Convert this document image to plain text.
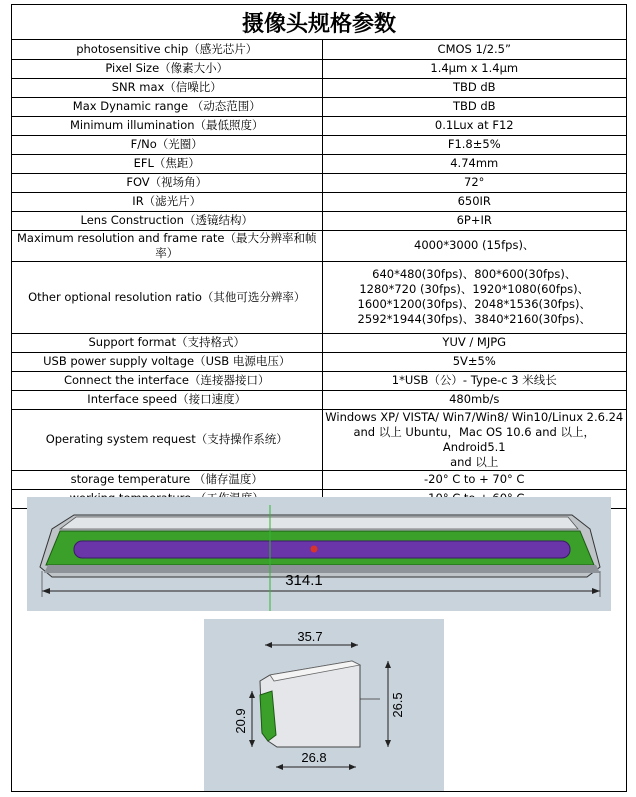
摄像头规格参数
photosensitive chip（感光芯片）	CMOS 1/2.5”
Pixel Size（像素大小）	1.4μm x 1.4μm
SNR max（信噪比）	TBD dB
Max Dynamic range （动态范围）	TBD dB
Minimum illumination（最低照度）	0.1Lux at F12
F/No（光圈）	F1.8±5%
EFL（焦距）	4.74mm
FOV（视场角）	72°
IR（滤光片）	650IR
Lens Construction（透镜结构）	6P+IR
Maximum resolution and frame rate（最大分辨率和帧率）	4000*3000 (15fps)、
Other optional resolution ratio（其他可选分辨率）	640*480(30fps)、800*600(30fps)、
1280*720 (30fps)、1920*1080(60fps)、
1600*1200(30fps)、2048*1536(30fps)、
2592*1944(30fps)、3840*2160(30fps)、

Support format（支持格式）	YUV / MJPG
USB power supply voltage（USB 电源电压）	5V±5%
Connect the interface（连接器接口）	1*USB（公）- Type-c 3 米线长
Interface speed（接口速度）	480mb/s
Operating system request（支持操作系统）	Windows XP/ VISTA/ Win7/Win8/ Win10/Linux 2.6.24
and 以上 Ubuntu，Mac OS 10.6 and 以上，Android5.1
and 以上

storage temperature （储存温度）	-20° C to + 70° C

314.1
35.7
26.8
20.9
26.5
